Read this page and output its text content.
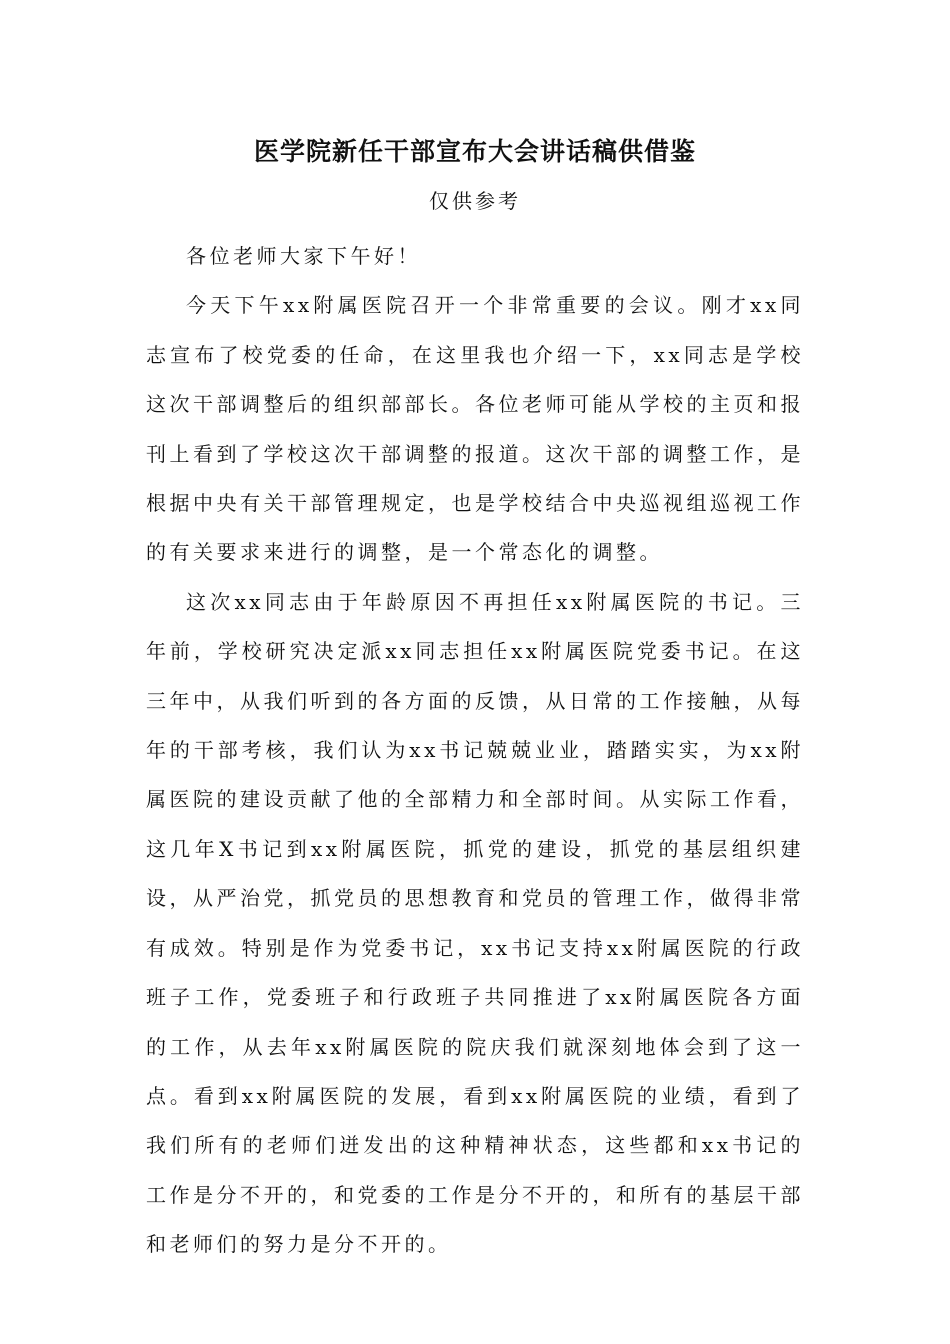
医学院新任干部宣布大会讲话稿供借鉴
仅供参考

各位老师大家下午好！

今天下午xx附属医院召开一个非常重要的会议。刚才xx同志宣布了校党委的任命，在这里我也介绍一下，xx同志是学校这次干部调整后的组织部部长。各位老师可能从学校的主页和报刊上看到了学校这次干部调整的报道。这次干部的调整工作，是根据中央有关干部管理规定，也是学校结合中央巡视组巡视工作的有关要求来进行的调整，是一个常态化的调整。

这次xx同志由于年龄原因不再担任xx附属医院的书记。三年前，学校研究决定派xx同志担任xx附属医院党委书记。在这三年中，从我们听到的各方面的反馈，从日常的工作接触，从每年的干部考核，我们认为xx书记兢兢业业，踏踏实实，为xx附属医院的建设贡献了他的全部精力和全部时间。从实际工作看，这几年X书记到xx附属医院，抓党的建设，抓党的基层组织建设，从严治党，抓党员的思想教育和党员的管理工作，做得非常有成效。特别是作为党委书记，xx书记支持xx附属医院的行政班子工作，党委班子和行政班子共同推进了xx附属医院各方面的工作，从去年xx附属医院的院庆我们就深刻地体会到了这一点。看到xx附属医院的发展，看到xx附属医院的业绩，看到了我们所有的老师们迸发出的这种精神状态，这些都和xx书记的工作是分不开的，和党委的工作是分不开的，和所有的基层干部和老师们的努力是分不开的。
